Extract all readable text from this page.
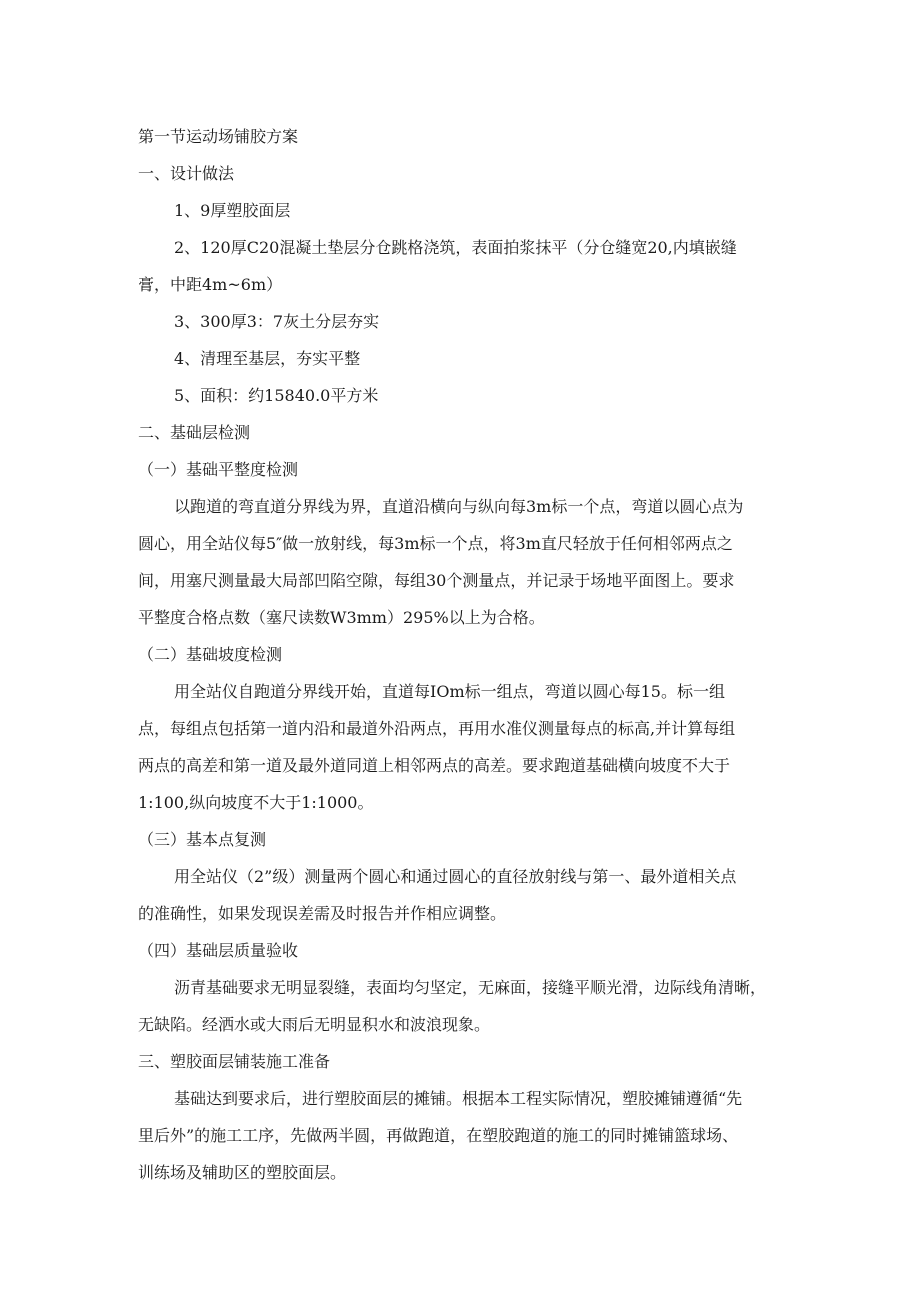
第一节运动场铺胶方案

一、设计做法

1、9厚塑胶面层

2、120厚C20混凝土垫层分仓跳格浇筑，表面拍浆抹平（分仓缝宽20,内填嵌缝

膏，中距4m~6m）

3、300厚3：7灰土分层夯实

4、清理至基层，夯实平整

5、面积：约15840.0平方米

二、基础层检测

（一）基础平整度检测

以跑道的弯直道分界线为界，直道沿横向与纵向每3m标一个点，弯道以圆心点为

圆心，用全站仪每5″做一放射线，每3m标一个点，将3m直尺轻放于任何相邻两点之

间，用塞尺测量最大局部凹陷空隙，每组30个测量点，并记录于场地平面图上。要求

平整度合格点数（塞尺读数W3mm）295%以上为合格。

（二）基础坡度检测

用全站仪自跑道分界线开始，直道每IOm标一组点，弯道以圆心每15。标一组

点，每组点包括第一道内沿和最道外沿两点，再用水准仪测量每点的标高,并计算每组

两点的高差和第一道及最外道同道上相邻两点的高差。要求跑道基础横向坡度不大于

1:100,纵向坡度不大于1:1000。

（三）基本点复测

用全站仪（2”级）测量两个圆心和通过圆心的直径放射线与第一、最外道相关点

的准确性，如果发现误差需及时报告并作相应调整。

（四）基础层质量验收

沥青基础要求无明显裂缝，表面均匀坚定，无麻面，接缝平顺光滑，边际线角清晰，

无缺陷。经洒水或大雨后无明显积水和波浪现象。

三、塑胶面层铺装施工准备

基础达到要求后，进行塑胶面层的摊铺。根据本工程实际情况，塑胶摊铺遵循“先

里后外”的施工工序，先做两半圆，再做跑道，在塑胶跑道的施工的同时摊铺篮球场、

训练场及辅助区的塑胶面层。
